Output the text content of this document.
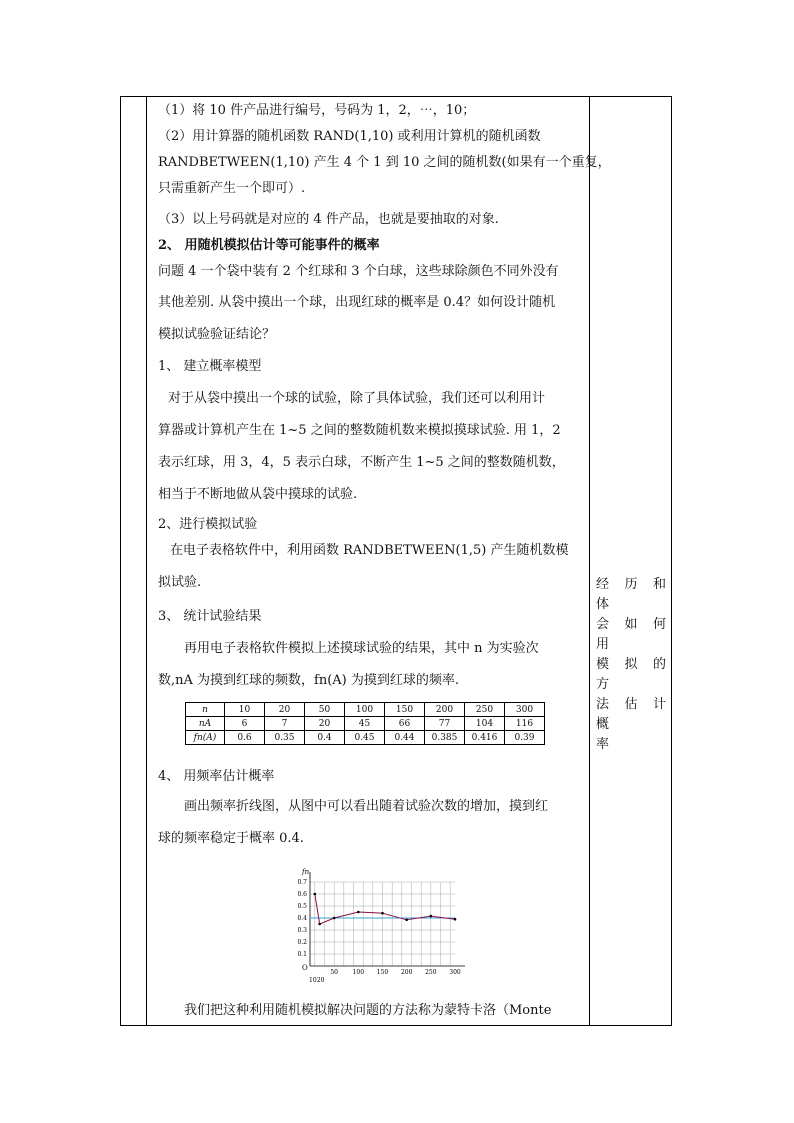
经 历 和 体
会 如 何 用
模 拟 的 方
法 估 计 概
率
（1）将 10 件产品进行编号，号码为 1，2，⋯，10；
（2）用计算器的随机函数 RAND(1,10) 或利用计算机的随机函数
RANDBETWEEN(1,10) 产生 4 个 1 到 10 之间的随机数(如果有一个重复，
只需重新产生一个即可）.
（3）以上号码就是对应的 4 件产品，也就是要抽取的对象.
2、 用随机模拟估计等可能事件的概率
问题 4 一个袋中装有 2 个红球和 3 个白球，这些球除颜色不同外没有
其他差别. 从袋中摸出一个球，出现红球的概率是 0.4？如何设计随机
模拟试验验证结论？
1、 建立概率模型
对于从袋中摸出一个球的试验，除了具体试验，我们还可以利用计
算器或计算机产生在 1~5 之间的整数随机数来模拟摸球试验. 用 1，2
表示红球，用 3，4，5 表示白球，不断产生 1~5 之间的整数随机数，
相当于不断地做从袋中摸球的试验.
2、进行模拟试验
在电子表格软件中，利用函数 RANDBETWEEN(1,5) 产生随机数模
拟试验.
3、 统计试验结果
再用电子表格软件模拟上述摸球试验的结果，其中 n 为实验次
数,nA 为摸到红球的频数，fn(A) 为摸到红球的频率.
4、 用频率估计概率
画出频率折线图，从图中可以看出随着试验次数的增加，摸到红
球的频率稳定于概率 0.4.
我们把这种利用随机模拟解决问题的方法称为蒙特卡洛（Monte
n	10	20	50	100	150	200	250	300
nA	6	7	20	45	66	77	104	116
fn(A)	0.6	0.35	0.4	0.45	0.44	0.385	0.416	0.39
fn
0.1
0.2
0.3
0.4
0.5
0.6
0.7
50 100 150 200 250 300
10 20
O
